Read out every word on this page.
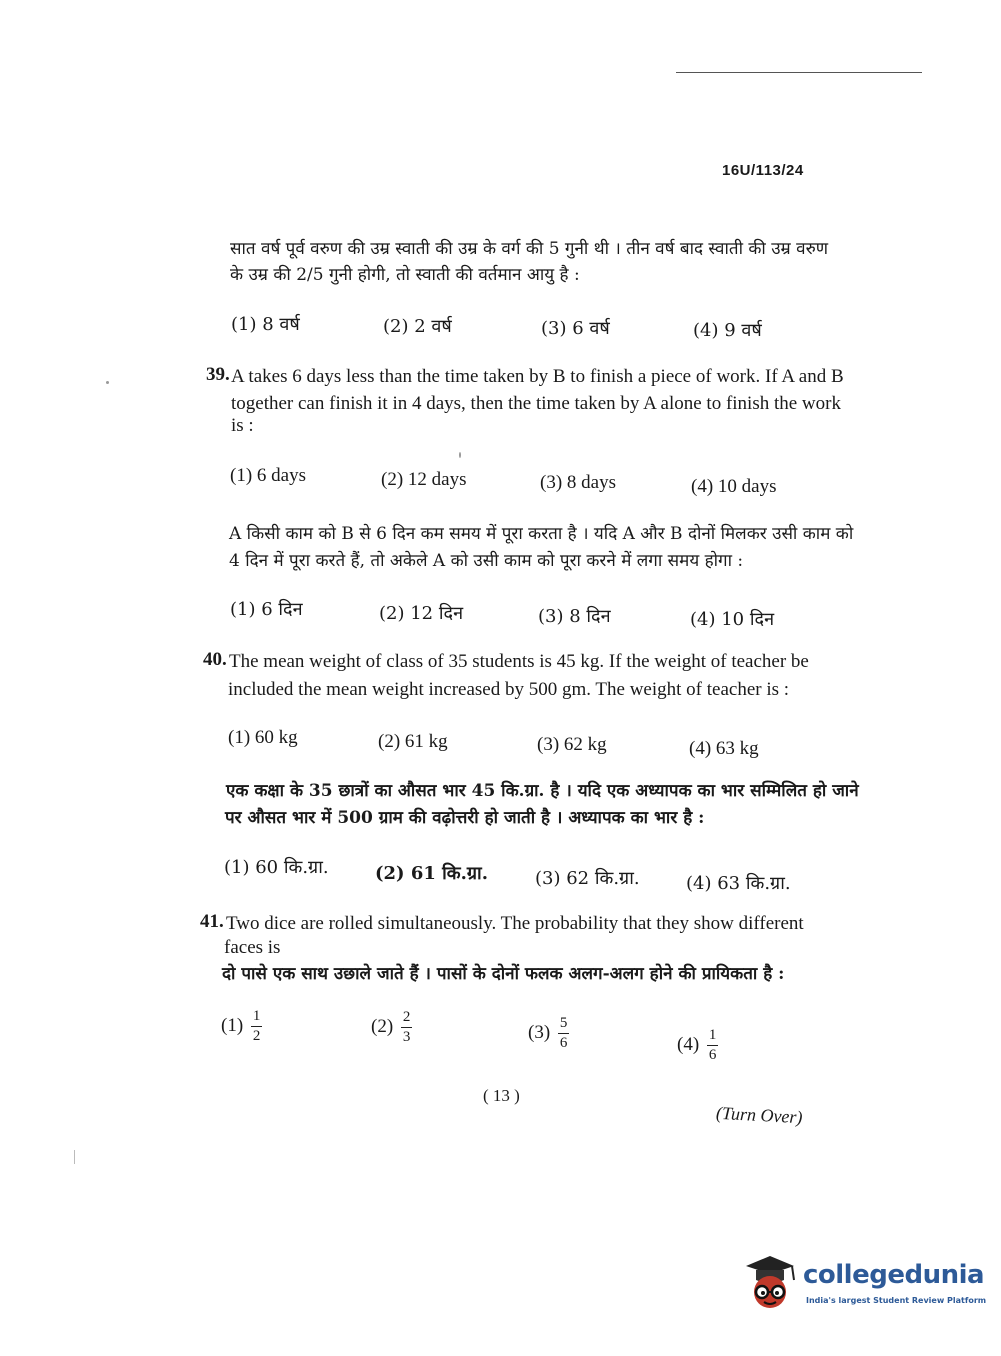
16U/113/24
सात वर्ष पूर्व वरुण की उम्र स्वाती की उम्र के वर्ग की 5 गुनी थी । तीन वर्ष बाद स्वाती की उम्र वरुण
के उम्र की 2/5 गुनी होगी, तो स्वाती की वर्तमान आयु है :
(1) 8 वर्ष	(2) 2 वर्ष	(3) 6 वर्ष	(4) 9 वर्ष
39. A takes 6 days less than the time taken by B to finish a piece of work. If A and B
together can finish it in 4 days, then the time taken by A alone to finish the work
is :
(1) 6 days	(2) 12 days	(3) 8 days	(4) 10 days
A किसी काम को B से 6 दिन कम समय में पूरा करता है । यदि A और B दोनों मिलकर उसी काम को
4 दिन में पूरा करते हैं, तो अकेले A को उसी काम को पूरा करने में लगा समय होगा :
(1) 6 दिन	(2) 12 दिन	(3) 8 दिन	(4) 10 दिन
40. The mean weight of class of 35 students is 45 kg. If the weight of teacher be
included the mean weight increased by 500 gm. The weight of teacher is :
(1) 60 kg	(2) 61 kg	(3) 62 kg	(4) 63 kg
एक कक्षा के 35 छात्रों का औसत भार 45 कि.ग्रा. है । यदि एक अध्यापक का भार सम्मिलित हो जाने
पर औसत भार में 500 ग्राम की वढ़ोत्तरी हो जाती है । अध्यापक का भार है :
(1) 60 कि.ग्रा.	(2) 61 कि.ग्रा.	(3) 62 कि.ग्रा.	(4) 63 कि.ग्रा.
41. Two dice are rolled simultaneously. The probability that they show different
faces is
दो पासे एक साथ उछाले जाते हैं । पासों के दोनों फलक अलग-अलग होने की प्रायिकता है :
$(1) \frac{1}{2}$	$(2) \frac{2}{3}$	$(3) \frac{5}{6}$	$(4) \frac{1}{6}$
( 13 )
(Turn Over)
collegedunia
India's largest Student Review Platform
